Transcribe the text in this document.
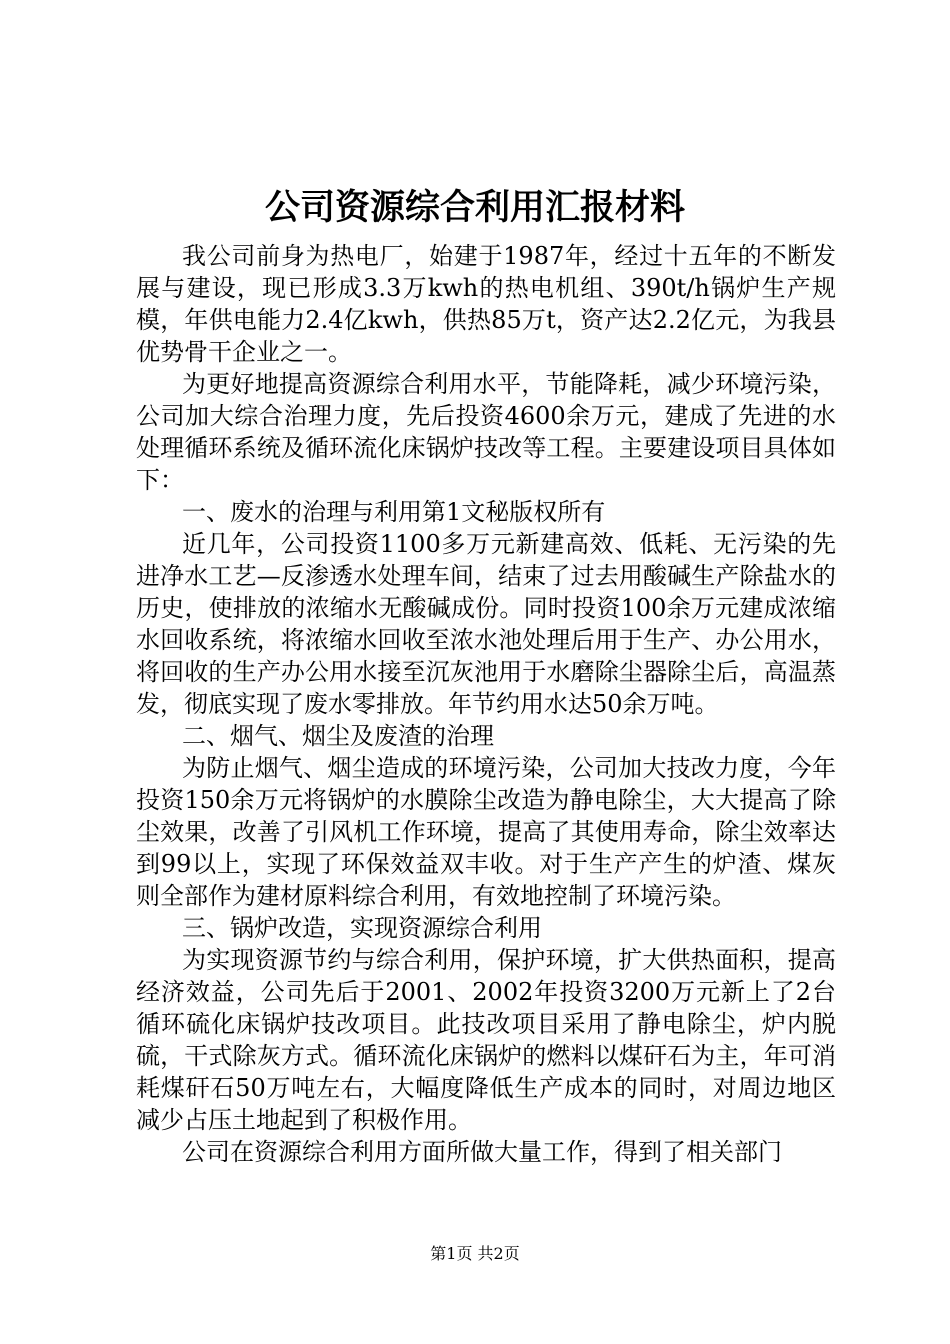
公司资源综合利用汇报材料

我公司前身为热电厂，始建于1987年，经过十五年的不断发展与建设，现已形成3.3万kwh的热电机组、390t/h锅炉生产规模，年供电能力2.4亿kwh，供热85万t，资产达2.2亿元，为我县优势骨干企业之一。

为更好地提高资源综合利用水平，节能降耗，减少环境污染，公司加大综合治理力度，先后投资4600余万元，建成了先进的水处理循环系统及循环流化床锅炉技改等工程。主要建设项目具体如下：

一、废水的治理与利用第1文秘版权所有

近几年，公司投资1100多万元新建高效、低耗、无污染的先进净水工艺—反渗透水处理车间，结束了过去用酸碱生产除盐水的历史，使排放的浓缩水无酸碱成份。同时投资100余万元建成浓缩水回收系统，将浓缩水回收至浓水池处理后用于生产、办公用水，将回收的生产办公用水接至沉灰池用于水磨除尘器除尘后，高温蒸发，彻底实现了废水零排放。年节约用水达50余万吨。

二、烟气、烟尘及废渣的治理

为防止烟气、烟尘造成的环境污染，公司加大技改力度，今年投资150余万元将锅炉的水膜除尘改造为静电除尘，大大提高了除尘效果，改善了引风机工作环境，提高了其使用寿命，除尘效率达到99以上，实现了环保效益双丰收。对于生产产生的炉渣、煤灰则全部作为建材原料综合利用，有效地控制了环境污染。

三、锅炉改造，实现资源综合利用

为实现资源节约与综合利用，保护环境，扩大供热面积，提高经济效益，公司先后于2001、2002年投资3200万元新上了2台循环硫化床锅炉技改项目。此技改项目采用了静电除尘，炉内脱硫，干式除灰方式。循环流化床锅炉的燃料以煤矸石为主，年可消耗煤矸石50万吨左右，大幅度降低生产成本的同时，对周边地区减少占压土地起到了积极作用。

公司在资源综合利用方面所做大量工作，得到了相关部门

第1页 共2页
